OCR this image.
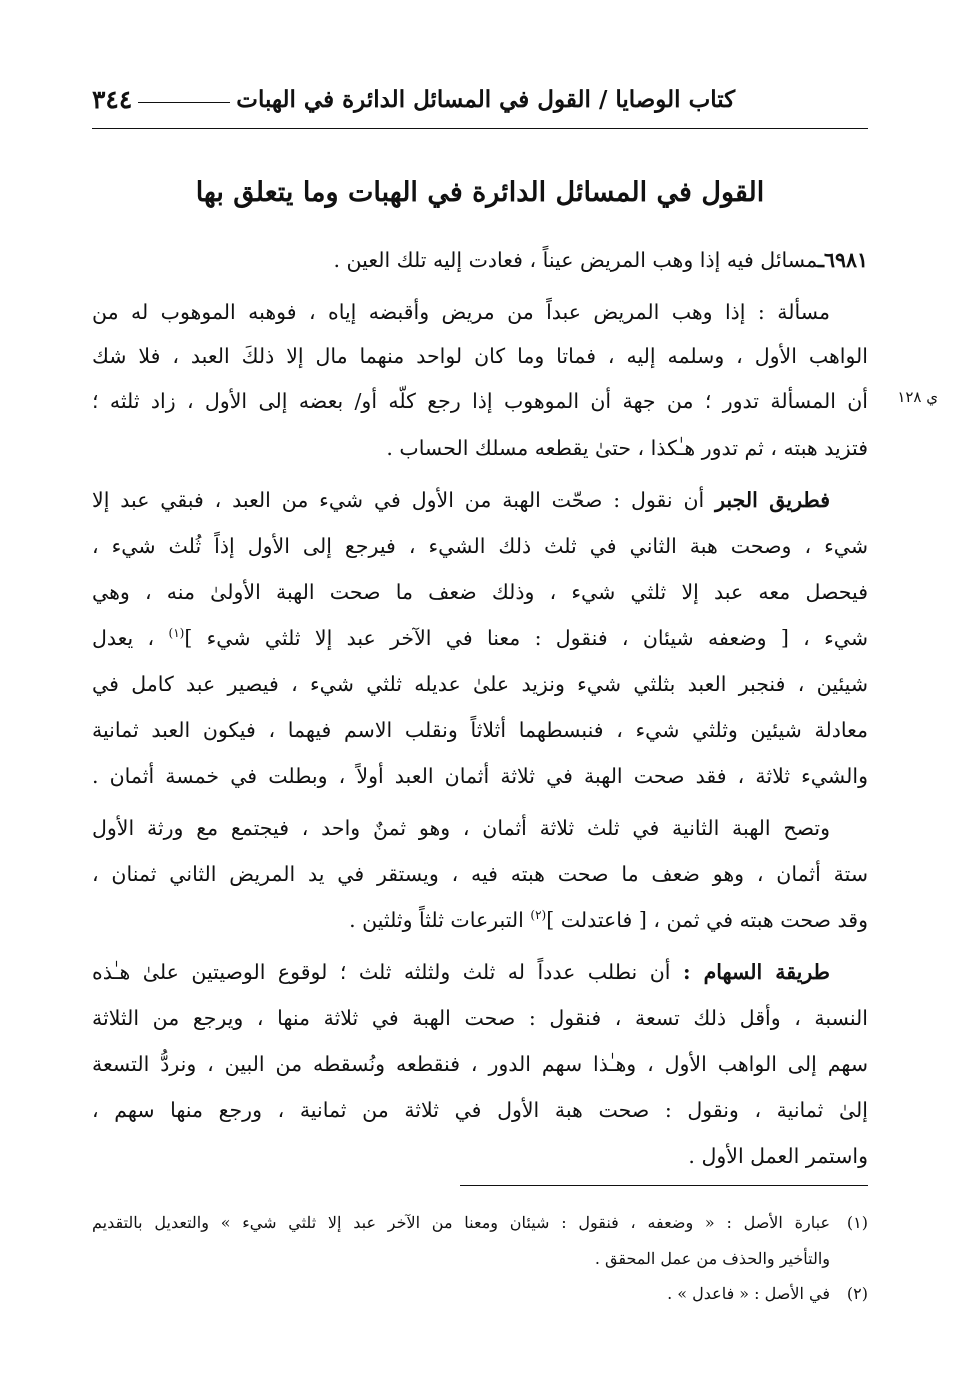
٣٤٤	كتاب الوصايا / القول في المسائل الدائرة في الهبات
القول في المسائل الدائرة في الهبات وما يتعلق بها
ي ١٢٨
٦٩٨١ـمسائل فيه إذا وهب المريض عيناً ، فعادت إليه تلك العين .
مسألة : إذا وهب المريض عبداً من مريض وأقبضه إياه ، فوهبه الموهوب له من
الواهب الأول ، وسلمه إليه ، فماتا وما كان لواحد منهما مال إلا ذلكَ العبد ، فلا شك
أن المسألة تدور ؛ من جهة أن الموهوب إذا رجع كلّه أو/ بعضه إلى الأول ، زاد ثلثه ؛
فتزيد هبته ، ثم تدور هـٰكذا ، حتىٰ يقطعه مسلك الحساب .
فطريق الجبر أن نقول : صحّت الهبة من الأول في شيء من العبد ، فبقي عبد إلا
شيء ، وصحت هبة الثاني في ثلث ذلك الشيء ، فيرجع إلى الأول إذاً ثُلث شيء ،
فيحصل معه عبد إلا ثلثي شيء ، وذلك ضعف ما صحت الهبة الأولىٰ منه ، وهي
شيء ، [ وضعفه شيئان ، فنقول : معنا في الآخر عبد إلا ثلثي شيء ]$^{(١)}$ ، يعدل
شيئين ، فنجبر العبد بثلثي شيء ونزيد علىٰ عديله ثلثي شيء ، فيصير عبد كامل في
معادلة شيئين وثلثي شيء ، فنبسطهما أثلاثاً ونقلب الاسم فيهما ، فيكون العبد ثمانية
والشيء ثلاثة ، فقد صحت الهبة في ثلاثة أثمان العبد أولاً ، وبطلت في خمسة أثمان .
وتصح الهبة الثانية في ثلث ثلاثة أثمان ، وهو ثمنٌ واحد ، فيجتمع مع ورثة الأول
ستة أثمان ، وهو ضعف ما صحت هبته فيه ، ويستقر في يد المريض الثاني ثمنان ،
وقد صحت هبته في ثمن ، [ فاعتدلت ]$^{(٢)}$ التبرعات ثلثاً وثلثين .
طريقة السهام : أن نطلب عدداً له ثلث ولثلثه ثلث ؛ لوقوع الوصيتين علىٰ هـٰذه
النسبة ، وأقل ذلك تسعة ، فنقول : صحت الهبة في ثلاثة منها ، ويرجع من الثلاثة
سهم إلى الواهب الأول ، وهـٰذا سهم الدور ، فنقطعه ونُسقطه من البين ، ونردُّ التسعة
إلىٰ ثمانية ، ونقول : صحت هبة الأول في ثلاثة من ثمانية ، ورجع منها سهم ،
واستمر العمل الأول .
(١)عبارة الأصل : « وضعفه ، فنقول : شيئان ومعنا من الآخر عبد إلا ثلثي شيء » والتعديل بالتقديم
والتأخير والحذف من عمل المحقق .
(٢)في الأصل : « فاعدل » .
